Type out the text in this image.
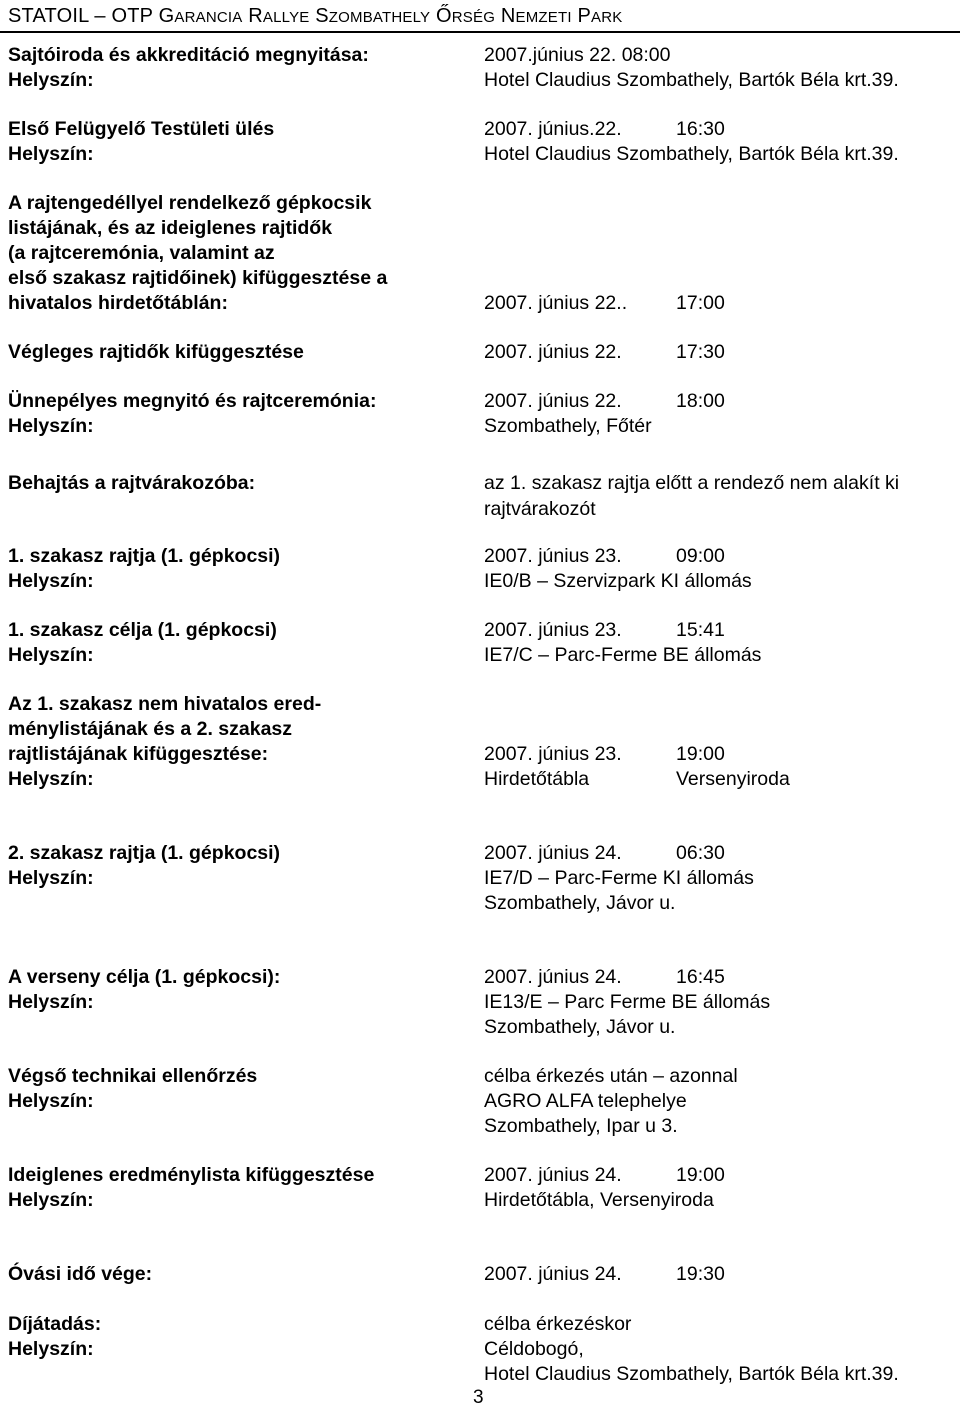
STATOIL – OTP GARANCIA RALLYE SZOMBATHELY ŐRSÉG NEMZETI PARK
Sajtóiroda és akkreditáció megnyitása:	2007.június 22. 08:00
Helyszín:	Hotel Claudius Szombathely, Bartók Béla krt.39.
Első Felügyelő Testületi ülés	2007. június.22.	16:30
Helyszín:	Hotel Claudius Szombathely, Bartók Béla krt.39.
A rajtengedéllyel rendelkező gépkocsik
listájának, és az ideiglenes rajtidők
(a rajtceremónia, valamint az
első szakasz rajtidőinek) kifüggesztése a
hivatalos hirdetőtáblán:	2007. június 22..	17:00
Végleges rajtidők kifüggesztése	2007. június 22.	17:30
Ünnepélyes megnyitó és rajtceremónia:	2007. június 22.	18:00
Helyszín:	Szombathely, Főtér
Behajtás a rajtvárakozóba:	az 1. szakasz rajtja előtt a rendező nem alakít ki
rajtvárakozót
1. szakasz rajtja (1. gépkocsi)	2007. június 23.	09:00
Helyszín:	IE0/B – Szervizpark KI állomás
1. szakasz célja (1. gépkocsi)	2007. június 23.	15:41
Helyszín:	IE7/C – Parc-Ferme BE állomás
Az 1. szakasz nem hivatalos ered-
ménylistájának és a 2. szakasz
rajtlistájának kifüggesztése:	2007. június 23.	19:00
Helyszín:	Hirdetőtábla	Versenyiroda
2. szakasz rajtja (1. gépkocsi)	2007. június 24.	06:30
Helyszín:	IE7/D – Parc-Ferme KI állomás
Szombathely, Jávor u.
A verseny célja (1. gépkocsi):	2007. június 24.	16:45
Helyszín:	IE13/E – Parc Ferme BE állomás
Szombathely, Jávor u.
Végső technikai ellenőrzés	célba érkezés után – azonnal
Helyszín:	AGRO ALFA telephelye
Szombathely, Ipar u 3.
Ideiglenes eredménylista kifüggesztése	2007. június 24.	19:00
Helyszín:	Hirdetőtábla, Versenyiroda
Óvási idő vége:	2007. június 24.	19:30
Díjátadás:	célba érkezéskor
Helyszín:	Céldobogó,
Hotel Claudius Szombathely, Bartók Béla krt.39.
3
